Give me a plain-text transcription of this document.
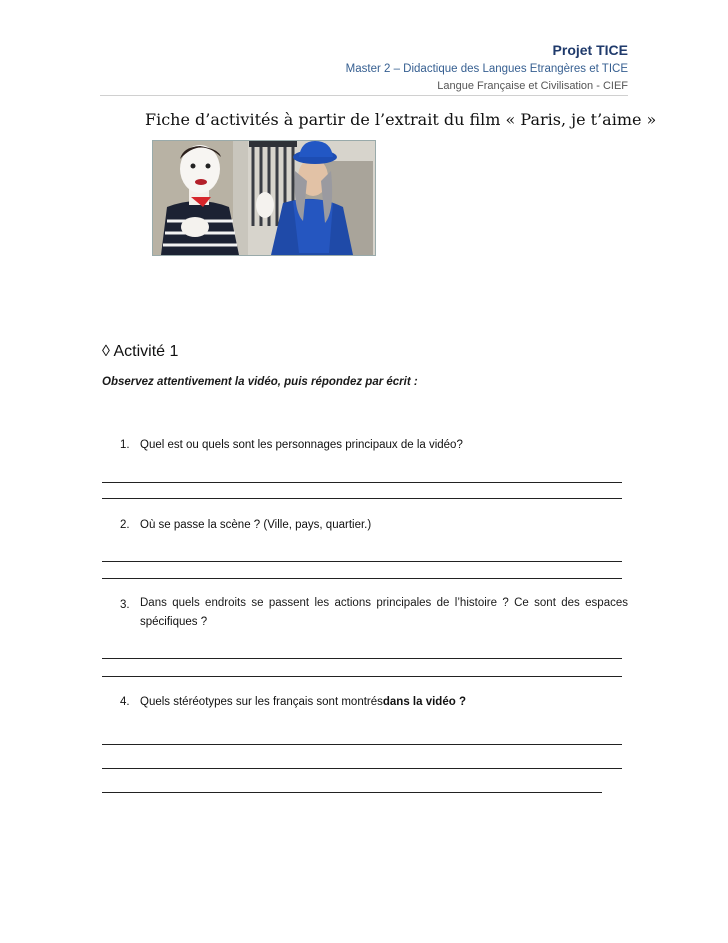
Projet TICE
Master 2 – Didactique des Langues Etrangères et TICE
Langue Française et Civilisation - CIEF
Fiche d’activités à partir de l’extrait du film « Paris, je t’aime »
◊ Activité 1
Observez attentivement la vidéo, puis répondez par écrit :
1. Quel est ou quels sont les personnages principaux de la vidéo?
2. Où se passe la scène ? (Ville, pays, quartier.)
3. Dans quels endroits se passent les actions principales de l’histoire ? Ce sont des espaces
spécifiques ?
4. Quels stéréotypes sur les français sont montrésdans la vidéo ?
